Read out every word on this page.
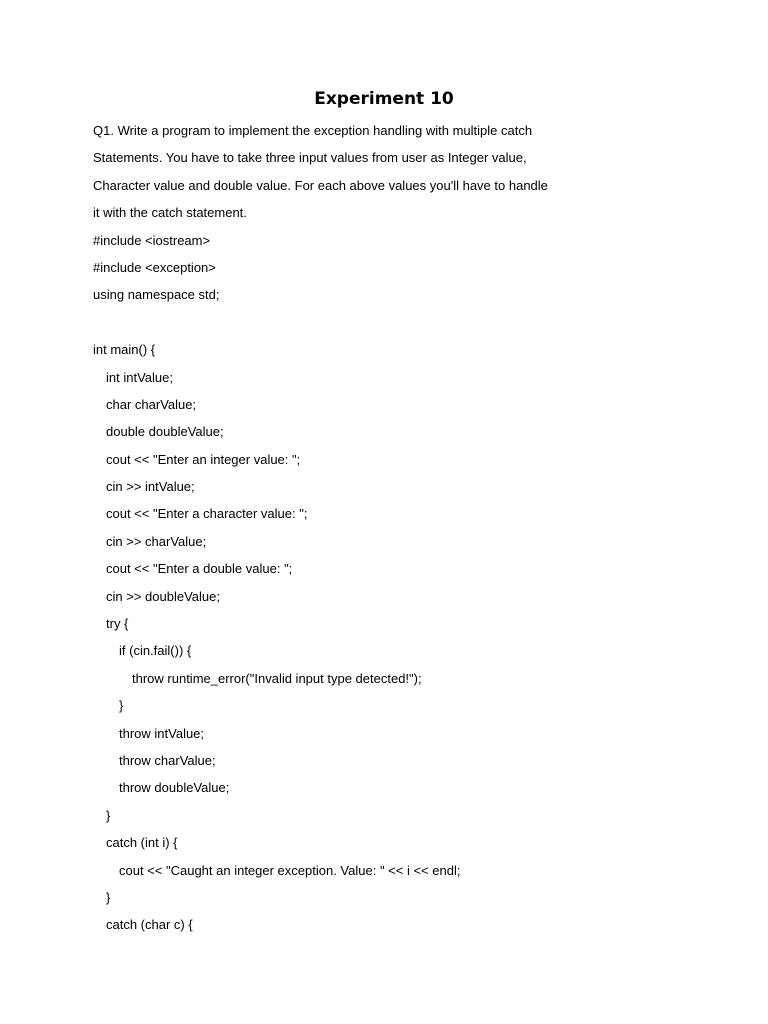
Experiment 10
Q1. Write a program to implement the exception handling with multiple catch
Statements. You have to take three input values from user as Integer value,
Character value and double value. For each above values you'll have to handle
it with the catch statement.
#include <iostream>
#include <exception>
using namespace std;
int main() {
int intValue;
char charValue;
double doubleValue;
cout << "Enter an integer value: ";
cin >> intValue;
cout << "Enter a character value: ";
cin >> charValue;
cout << "Enter a double value: ";
cin >> doubleValue;
try {
if (cin.fail()) {
throw runtime_error("Invalid input type detected!");
}
throw intValue;
throw charValue;
throw doubleValue;
}
catch (int i) {
cout << "Caught an integer exception. Value: " << i << endl;
}
catch (char c) {
